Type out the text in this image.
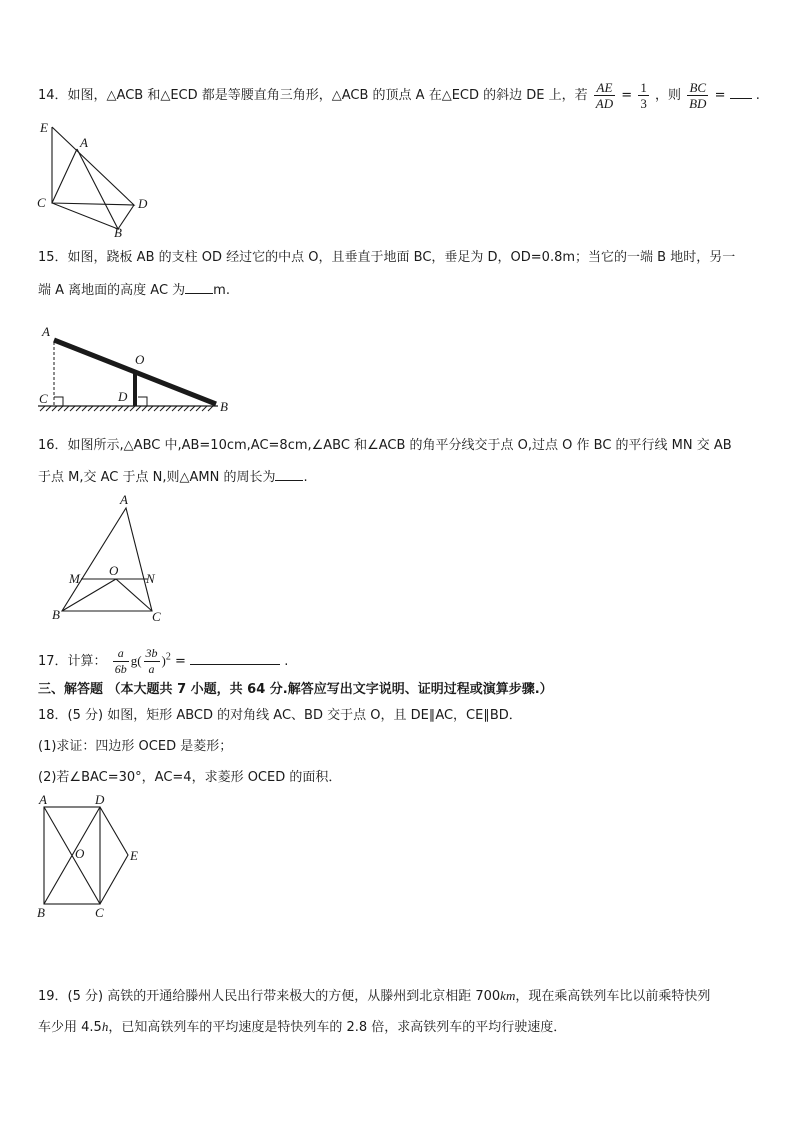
14．如图，△ACB 和△ECD 都是等腰直角三角形，△ACB 的顶点 A 在△ECD 的斜边 DE 上，若 $\frac{AE}{AD} = \frac{1}{3}$ ，则 $\frac{BC}{BD}$ = .
E
A
C	D
B
15．如图，跷板 AB 的支柱 OD 经过它的中点 O，且垂直于地面 BC，垂足为 D，OD=0.8m；当它的一端 B 地时，另一
端 A 离地面的高度 AC 为 m.
A
O
C	D
B
16．如图所示,△ABC 中,AB=10cm,AC=8cm,∠ABC 和∠ACB 的角平分线交于点 O,过点 O 作 BC 的平行线 MN 交 AB
于点 M,交 AC 于点 N,则△AMN 的周长为 .
A
M
O
N
B	C
17．计算： $\frac{a}{6b} g( \frac{3b}{a} )^2$ =	.
三、解答题 （本大题共 7 小题，共 64 分.解答应写出文字说明、证明过程或演算步骤.）
18．(5 分) 如图，矩形 ABCD 的对角线 AC、BD 交于点 O，且 DE∥AC，CE∥BD．
(1)求证：四边形 OCED 是菱形；
(2)若∠BAC=30°，AC=4，求菱形 OCED 的面积．
A	D
O	E
B	C
19．(5 分) 高铁的开通给滕州人民出行带来极大的方便，从滕州到北京相距 700km，现在乘高铁列车比以前乘特快列
车少用 4.5h，已知高铁列车的平均速度是特快列车的 2.8 倍，求高铁列车的平均行驶速度．
